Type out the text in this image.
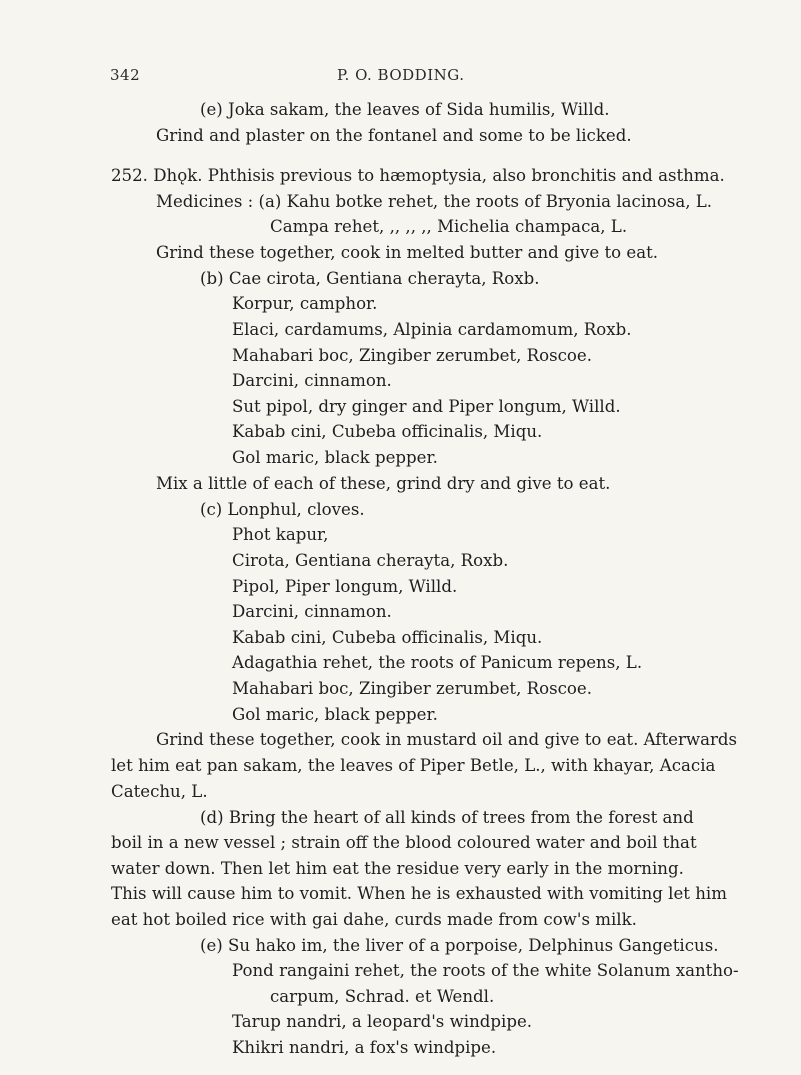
342	P. O. BODDING.
(e) Joka sakam, the leaves of Sida humilis, Willd.
Grind and plaster on the fontanel and some to be licked.
252. Dhǫk. Phthisis previous to hæmoptysia, also bronchitis and asthma.
Medicines : (a) Kahu botke rehet, the roots of Bryonia lacinosa, L.
Campa rehet, ,, ,, ,, Michelia champaca, L.
Grind these together, cook in melted butter and give to eat.
(b) Cae cirota, Gentiana cherayta, Roxb.
Korpur, camphor.
Elaci, cardamums, Alpinia cardamomum, Roxb.
Mahabari boc, Zingiber zerumbet, Roscoe.
Darcini, cinnamon.
Sut pipol, dry ginger and Piper longum, Willd.
Kabab cini, Cubeba officinalis, Miqu.
Gol maric, black pepper.
Mix a little of each of these, grind dry and give to eat.
(c) Lonphul, cloves.
Phot kapur,
Cirota, Gentiana cherayta, Roxb.
Pipol, Piper longum, Willd.
Darcini, cinnamon.
Kabab cini, Cubeba officinalis, Miqu.
Adagathia rehet, the roots of Panicum repens, L.
Mahabari boc, Zingiber zerumbet, Roscoe.
Gol maric, black pepper.
Grind these together, cook in mustard oil and give to eat. Afterwards
let him eat pan sakam, the leaves of Piper Betle, L., with khayar, Acacia
Catechu, L.
(d) Bring the heart of all kinds of trees from the forest and
boil in a new vessel ; strain off the blood coloured water and boil that
water down. Then let him eat the residue very early in the morning.
This will cause him to vomit. When he is exhausted with vomiting let him
eat hot boiled rice with gai dahe, curds made from cow's milk.
(e) Su hako im, the liver of a porpoise, Delphinus Gangeticus.
Pond rangaini rehet, the roots of the white Solanum xantho-
carpum, Schrad. et Wendl.
Tarup nandri, a leopard's windpipe.
Khikri nandri, a fox's windpipe.
